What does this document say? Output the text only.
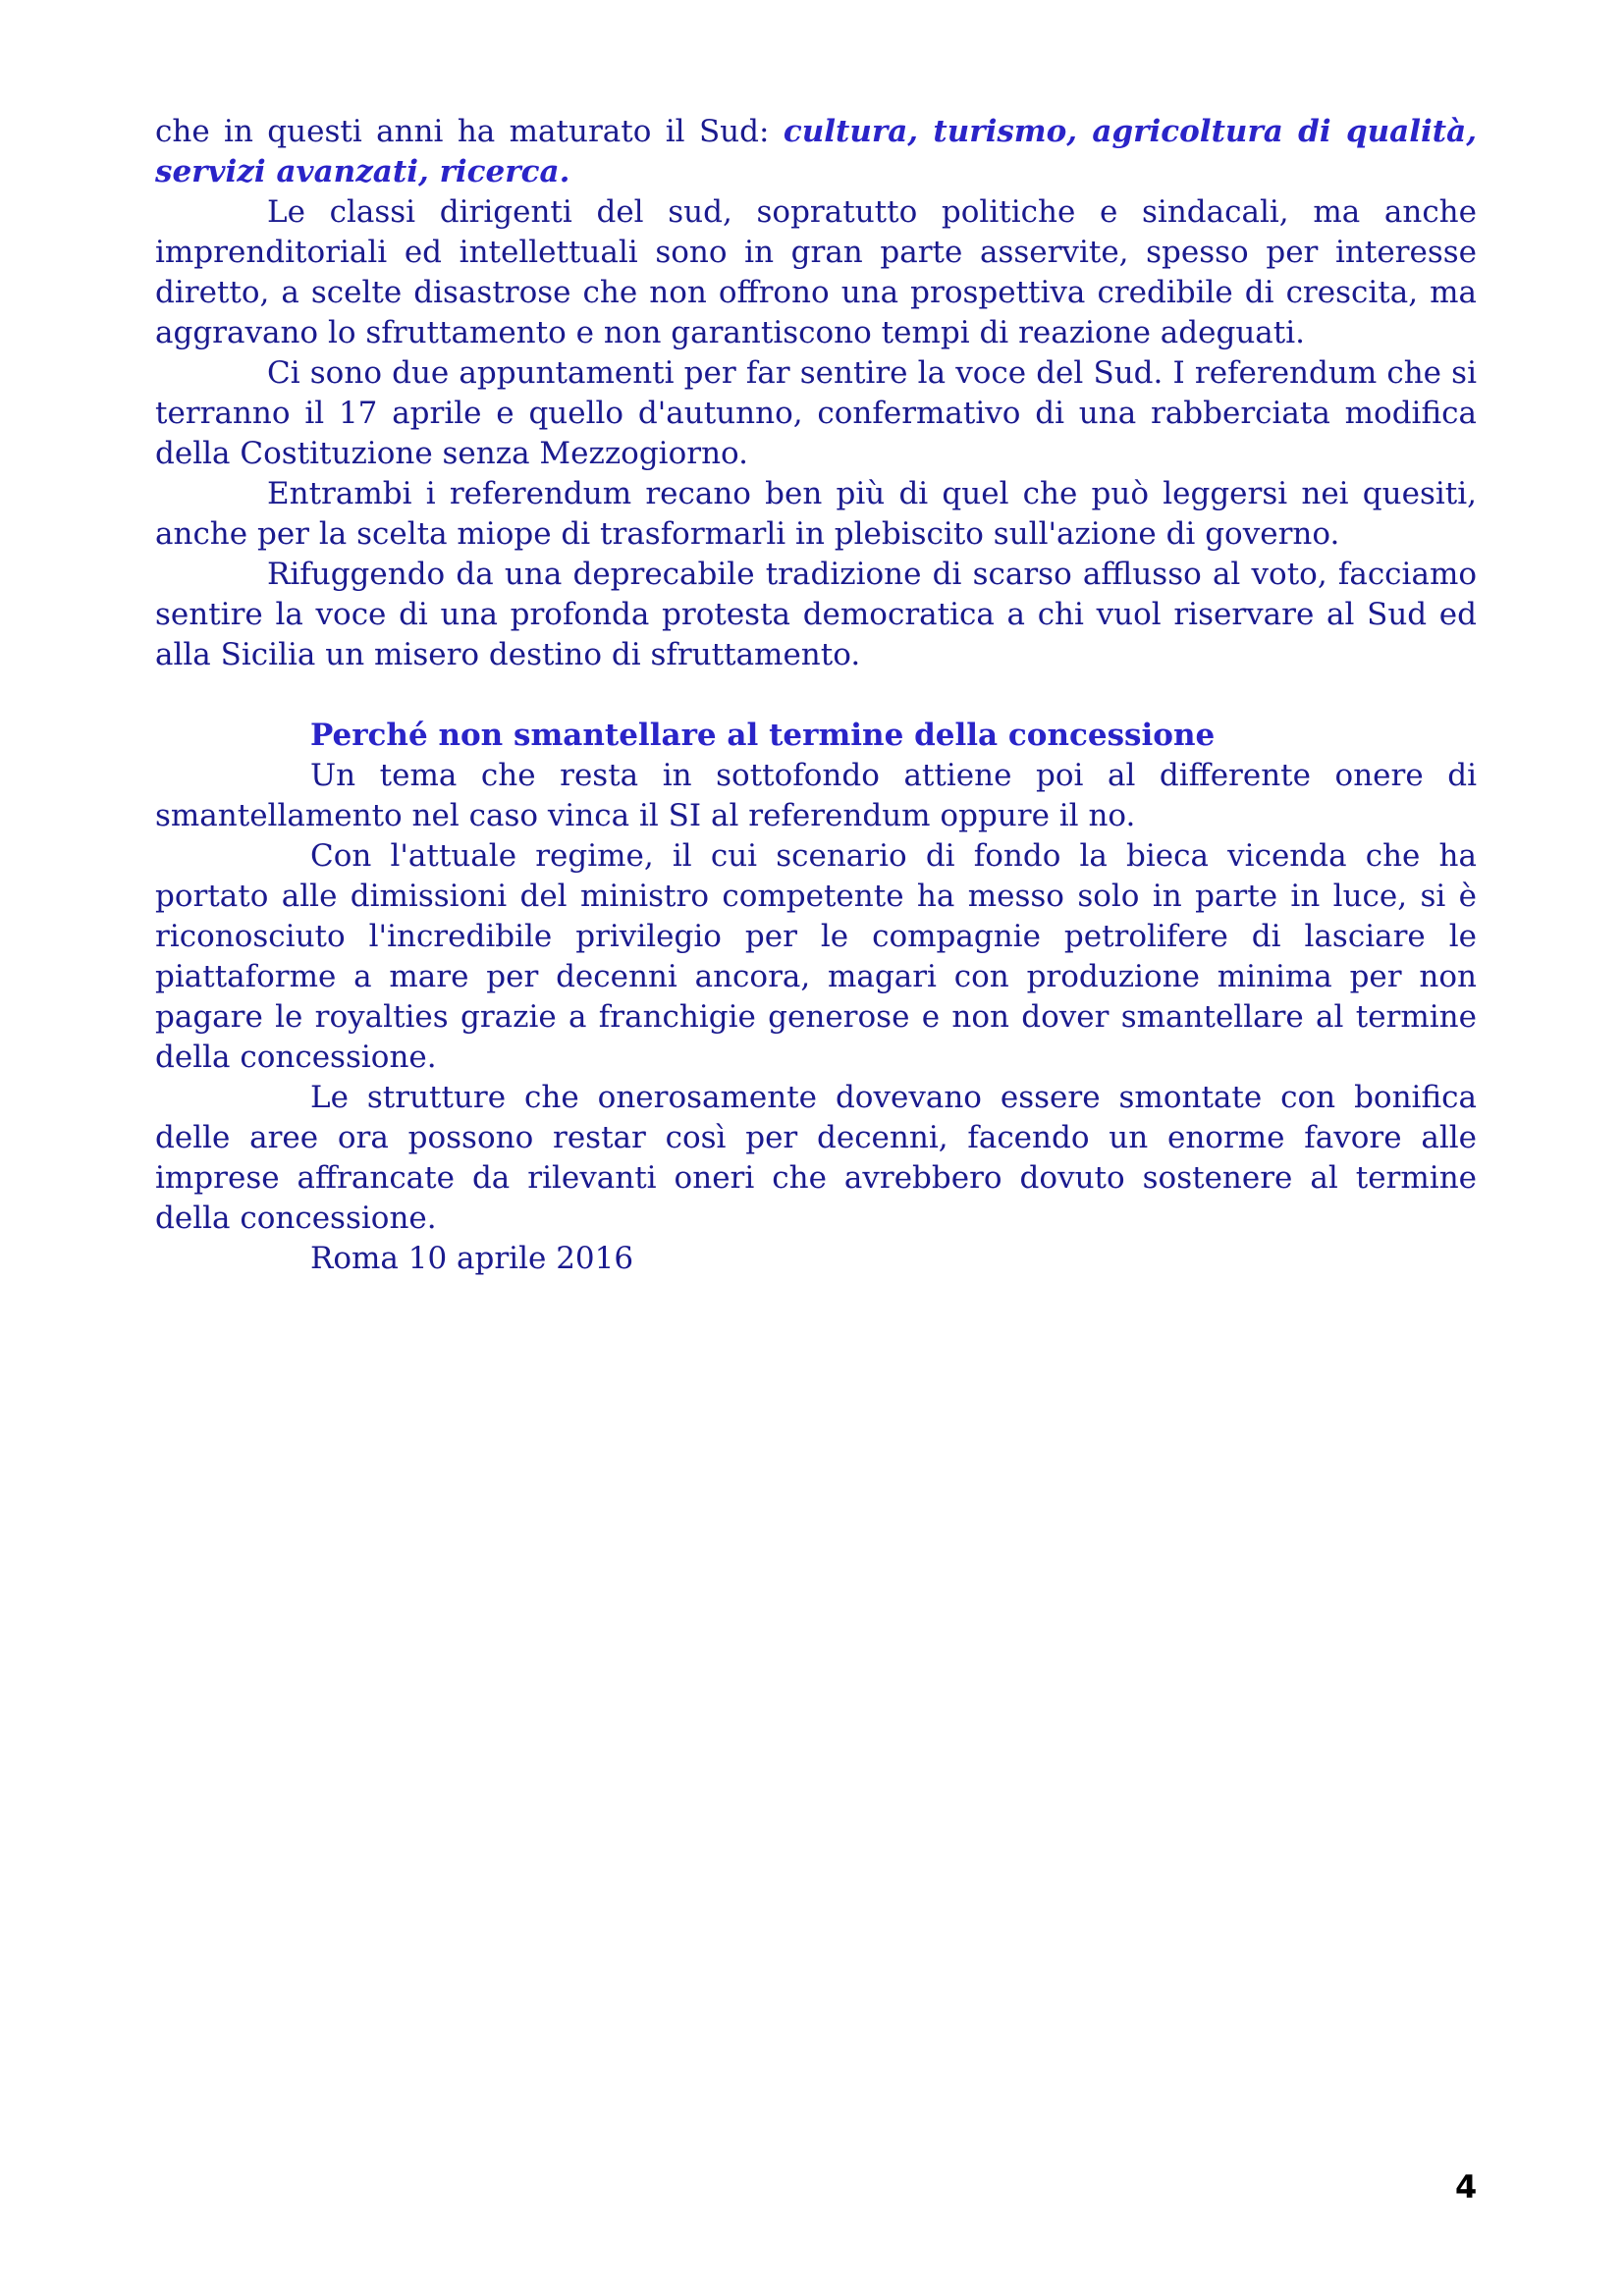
che in questi anni ha maturato il Sud: cultura, turismo, agricoltura di qualità, servizi avanzati, ricerca.

Le classi dirigenti del sud, sopratutto politiche e sindacali, ma anche imprenditoriali ed intellettuali sono in gran parte asservite, spesso per interesse diretto, a scelte disastrose che non offrono una prospettiva credibile di crescita, ma aggravano lo sfruttamento e non garantiscono tempi di reazione adeguati.

Ci sono due appuntamenti per far sentire la voce del Sud. I referendum che si terranno il 17 aprile e quello d'autunno, confermativo di una rabberciata modifica della Costituzione senza Mezzogiorno.

Entrambi i referendum recano ben più di quel che può leggersi nei quesiti, anche per la scelta miope di trasformarli in plebiscito sull'azione di governo.

Rifuggendo da una deprecabile tradizione di scarso afflusso al voto, facciamo sentire la voce di una profonda protesta democratica a chi vuol riservare al Sud ed alla Sicilia un misero destino di sfruttamento.

Perché non smantellare al termine della concessione

Un tema che resta in sottofondo attiene poi al differente onere di smantellamento nel caso vinca il SI al referendum oppure il no.

Con l'attuale regime, il cui scenario di fondo la bieca vicenda che ha portato alle dimissioni del ministro competente ha messo solo in parte in luce, si è riconosciuto l'incredibile privilegio per le compagnie petrolifere di lasciare le piattaforme a mare per decenni ancora, magari con produzione minima per non pagare le royalties grazie a franchigie generose e non dover smantellare al termine della concessione.

Le strutture che onerosamente dovevano essere smontate con bonifica delle aree ora possono restar così per decenni, facendo un enorme favore alle imprese affrancate da rilevanti oneri che avrebbero dovuto sostenere al termine della concessione.

Roma 10 aprile 2016

4
